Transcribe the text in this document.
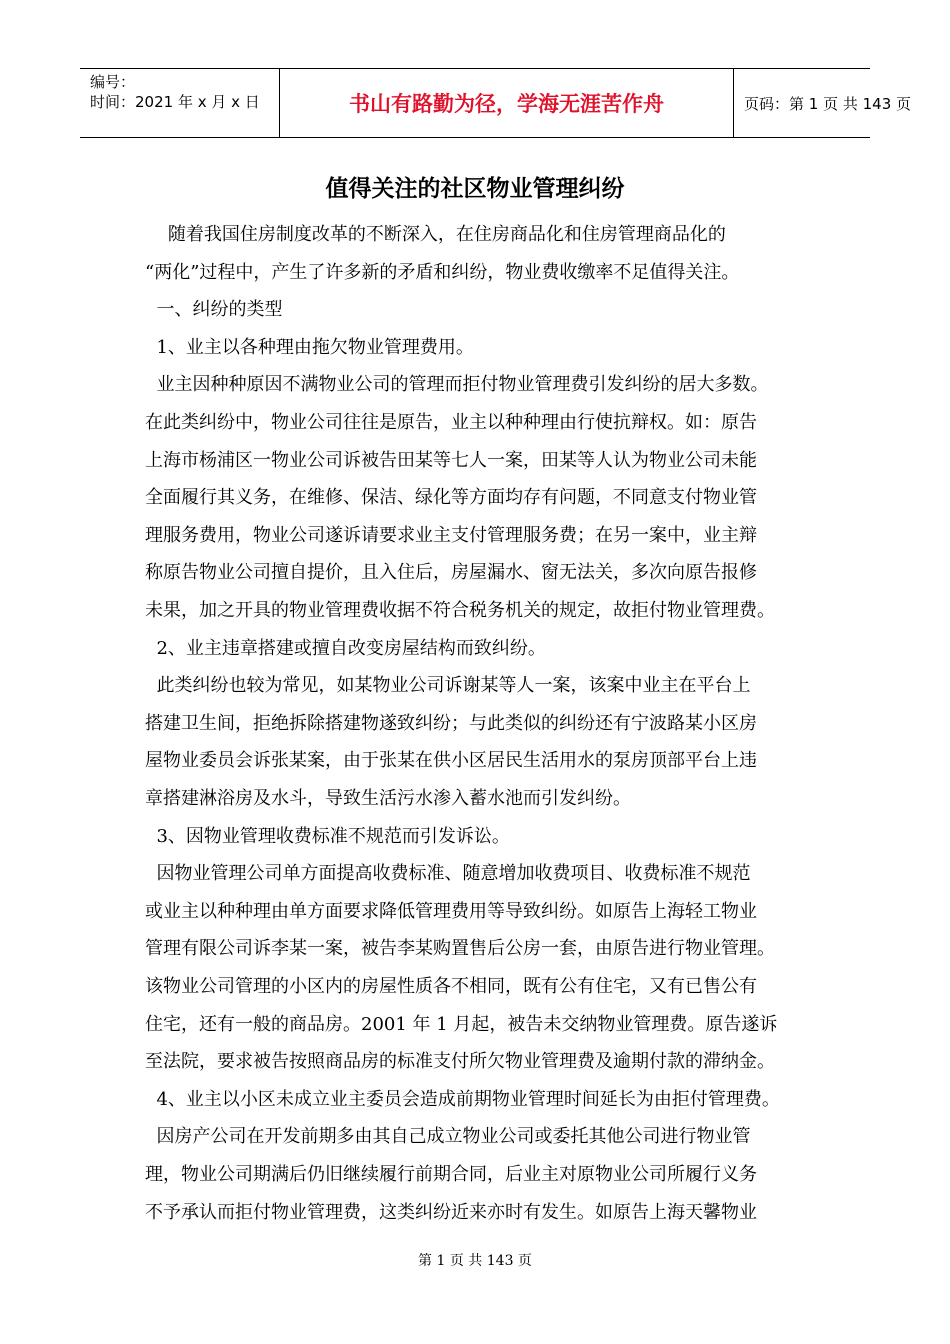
编号：
时间：2021 年 x 月 x 日	书山有路勤为径，学海无涯苦作舟	页码：第 1 页 共 143 页
值得关注的社区物业管理纠纷
随着我国住房制度改革的不断深入，在住房商品化和住房管理商品化的
“两化”过程中，产生了许多新的矛盾和纠纷，物业费收缴率不足值得关注。
一、纠纷的类型
1、业主以各种理由拖欠物业管理费用。
业主因种种原因不满物业公司的管理而拒付物业管理费引发纠纷的居大多数。
在此类纠纷中，物业公司往往是原告，业主以种种理由行使抗辩权。如：原告
上海市杨浦区一物业公司诉被告田某等七人一案，田某等人认为物业公司未能
全面履行其义务，在维修、保洁、绿化等方面均存有问题，不同意支付物业管
理服务费用，物业公司遂诉请要求业主支付管理服务费；在另一案中，业主辩
称原告物业公司擅自提价，且入住后，房屋漏水、窗无法关，多次向原告报修
未果，加之开具的物业管理费收据不符合税务机关的规定，故拒付物业管理费。
2、业主违章搭建或擅自改变房屋结构而致纠纷。
此类纠纷也较为常见，如某物业公司诉谢某等人一案，该案中业主在平台上
搭建卫生间，拒绝拆除搭建物遂致纠纷；与此类似的纠纷还有宁波路某小区房
屋物业委员会诉张某案，由于张某在供小区居民生活用水的泵房顶部平台上违
章搭建淋浴房及水斗，导致生活污水渗入蓄水池而引发纠纷。
3、因物业管理收费标准不规范而引发诉讼。
因物业管理公司单方面提高收费标准、随意增加收费项目、收费标准不规范
或业主以种种理由单方面要求降低管理费用等导致纠纷。如原告上海轻工物业
管理有限公司诉李某一案，被告李某购置售后公房一套，由原告进行物业管理。
该物业公司管理的小区内的房屋性质各不相同，既有公有住宅，又有已售公有
住宅，还有一般的商品房。2001 年 1 月起，被告未交纳物业管理费。原告遂诉
至法院，要求被告按照商品房的标准支付所欠物业管理费及逾期付款的滞纳金。
4、业主以小区未成立业主委员会造成前期物业管理时间延长为由拒付管理费。
因房产公司在开发前期多由其自己成立物业公司或委托其他公司进行物业管
理，物业公司期满后仍旧继续履行前期合同，后业主对原物业公司所履行义务
不予承认而拒付物业管理费，这类纠纷近来亦时有发生。如原告上海天馨物业
第 1 页 共 143 页
